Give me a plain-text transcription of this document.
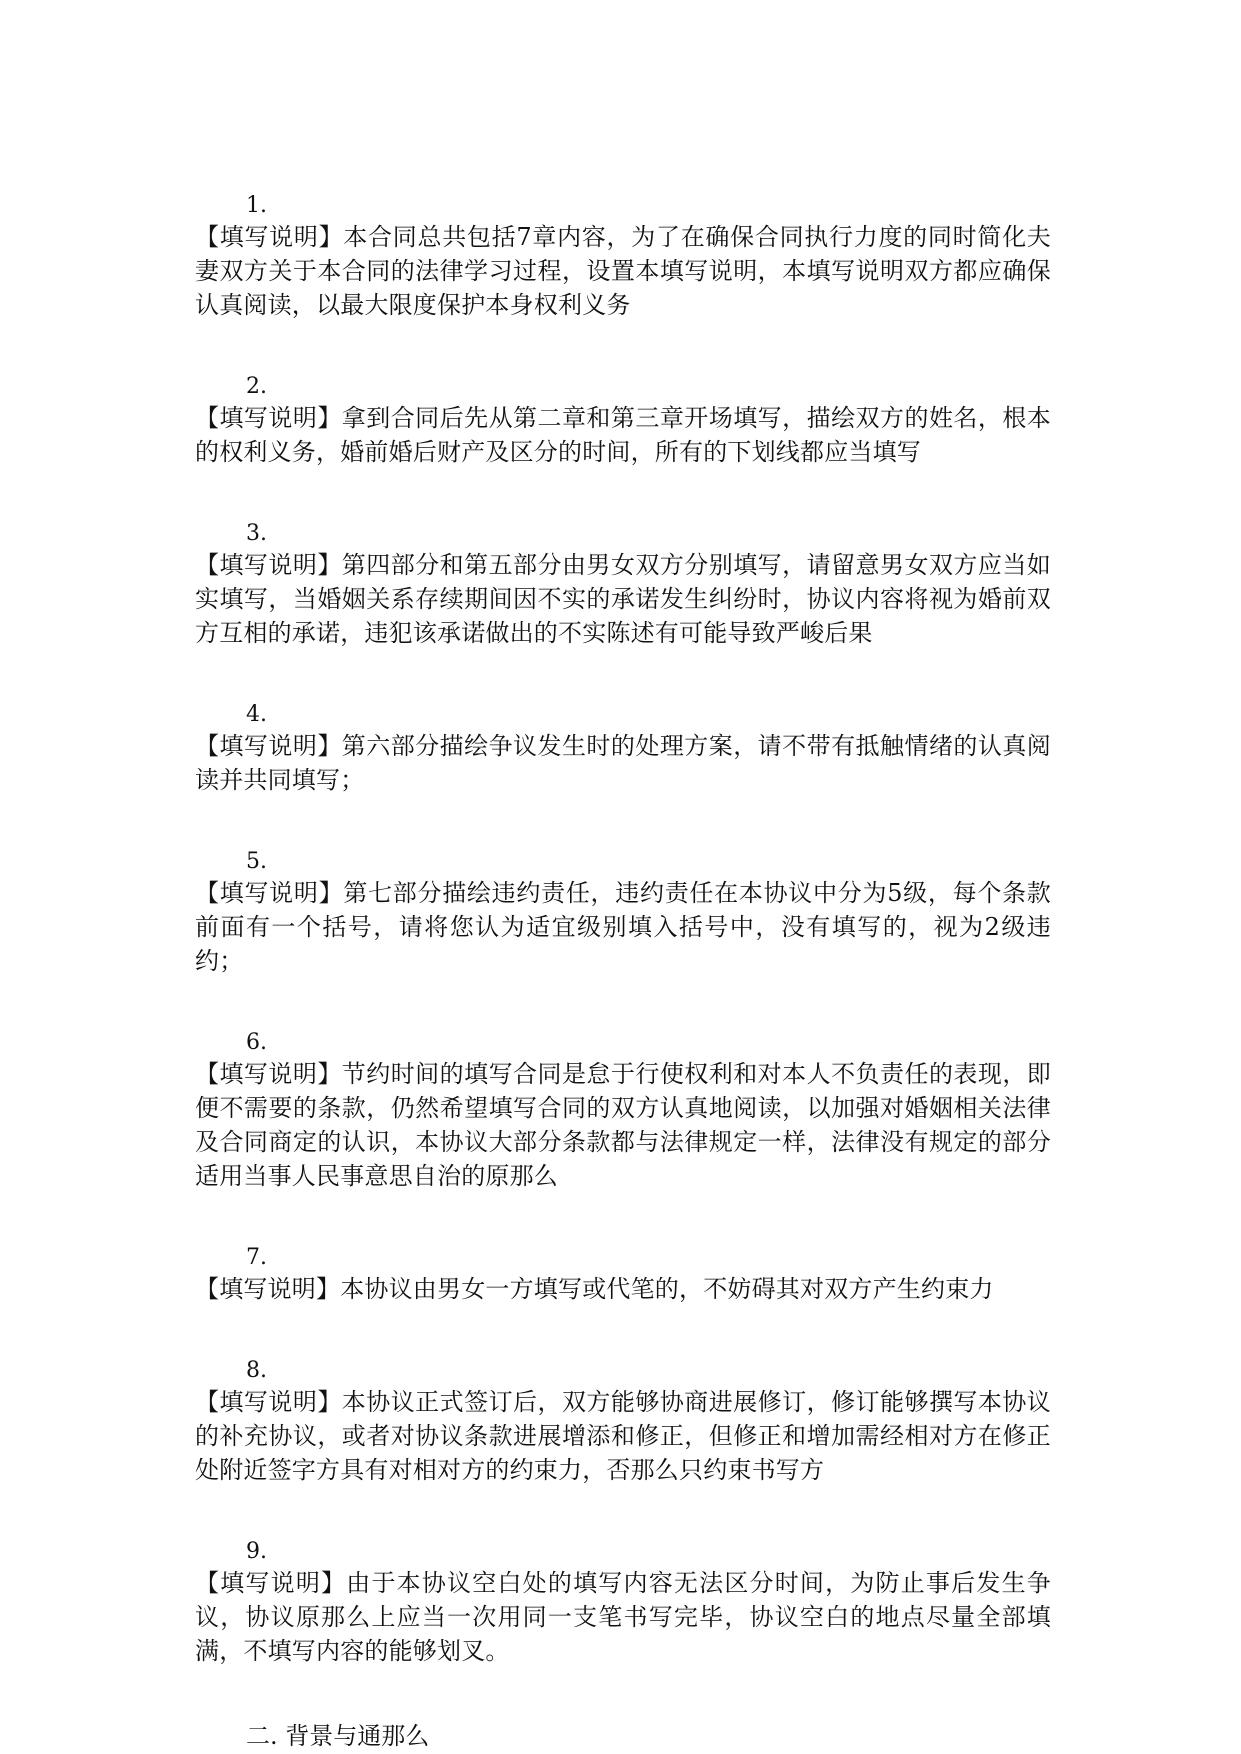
1.
【填写说明】本合同总共包括7章内容，为了在确保合同执行力度的同时简化夫妻双方关于本合同的法律学习过程，设置本填写说明，本填写说明双方都应确保认真阅读，以最大限度保护本身权利义务
2.
【填写说明】拿到合同后先从第二章和第三章开场填写，描绘双方的姓名，根本的权利义务，婚前婚后财产及区分的时间，所有的下划线都应当填写
3.
【填写说明】第四部分和第五部分由男女双方分别填写，请留意男女双方应当如实填写，当婚姻关系存续期间因不实的承诺发生纠纷时，协议内容将视为婚前双方互相的承诺，违犯该承诺做出的不实陈述有可能导致严峻后果
4.
【填写说明】第六部分描绘争议发生时的处理方案，请不带有抵触情绪的认真阅读并共同填写；
5.
【填写说明】第七部分描绘违约责任，违约责任在本协议中分为5级，每个条款前面有一个括号，请将您认为适宜级别填入括号中，没有填写的，视为2级违约；
6.
【填写说明】节约时间的填写合同是怠于行使权利和对本人不负责任的表现，即便不需要的条款，仍然希望填写合同的双方认真地阅读，以加强对婚姻相关法律及合同商定的认识，本协议大部分条款都与法律规定一样，法律没有规定的部分适用当事人民事意思自治的原那么
7.
【填写说明】本协议由男女一方填写或代笔的，不妨碍其对双方产生约束力
8.
【填写说明】本协议正式签订后，双方能够协商进展修订，修订能够撰写本协议的补充协议，或者对协议条款进展增添和修正，但修正和增加需经相对方在修正处附近签字方具有对相对方的约束力，否那么只约束书写方
9.
【填写说明】由于本协议空白处的填写内容无法区分时间，为防止事后发生争议，协议原那么上应当一次用同一支笔书写完毕，协议空白的地点尽量全部填满，不填写内容的能够划叉。
二. 背景与通那么
